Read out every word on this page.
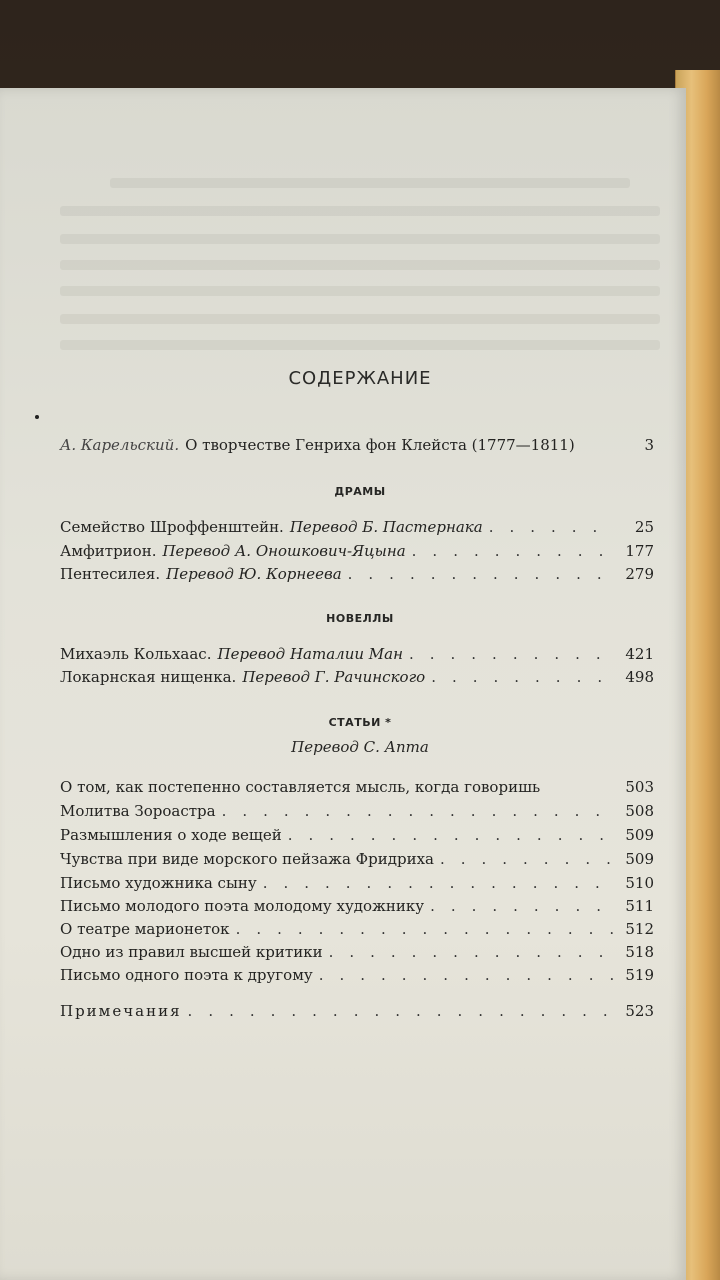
СОДЕРЖАНИЕ
А. Карельский. О творчестве Генриха фон Клейста (1777—1811)	3
ДРАМЫ
Семейство Шроффенштейн. Перевод Б. Пастернака .....	25
Амфитрион. Перевод А. Оношкович-Яцына .....	177
Пентесилея. Перевод Ю. Корнеева .....	279
НОВЕЛЛЫ
Михаэль Кольхаас. Перевод Наталии Ман .....	421
Локарнская нищенка. Перевод Г. Рачинского .....	498
СТАТЬИ *
Перевод С. Апта
О том, как постепенно составляется мысль, когда говоришь	503
Молитва Зороастра .....	508
Размышления о ходе вещей .....	509
Чувства при виде морского пейзажа Фридриха .....	509
Письмо художника сыну .....	510
Письмо молодого поэта молодому художнику .....	511
О театре марионеток .....	512
Одно из правил высшей критики .....	518
Письмо одного поэта к другому .....	519
Примечания .....	523
